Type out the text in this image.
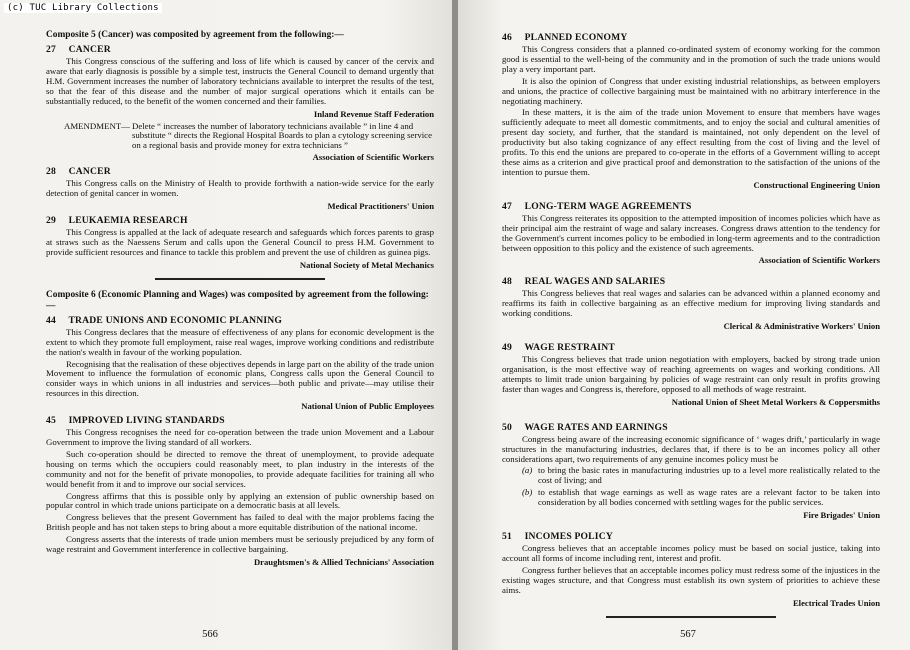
Composite 5 (Cancer) was composited by agreement from the following:—
27 CANCER
This Congress conscious of the suffering and loss of life which is caused by cancer of the cervix and aware that early diagnosis is possible by a simple test, instructs the General Council to demand urgently that H.M. Government increases the number of laboratory technicians available to interpret the results of the test, so that the fear of this disease and the number of major surgical operations which it entails can be substantially reduced, to the benefit of the women concerned and their families.
Inland Revenue Staff Federation
AMENDMENT— Delete “ increases the number of laboratory technicians available ” in line 4 and substitute “ directs the Regional Hospital Boards to plan a cytology screening service on a regional basis and provide money for extra technicians ”
Association of Scientific Workers
28 CANCER
This Congress calls on the Ministry of Health to provide forthwith a nation-wide service for the early detection of genital cancer in women.
Medical Practitioners' Union
29 LEUKAEMIA RESEARCH
This Congress is appalled at the lack of adequate research and safeguards which forces parents to grasp at straws such as the Naessens Serum and calls upon the General Council to press H.M. Government to provide sufficient resources and finance to tackle this problem and prevent the use of children as guinea pigs.
National Society of Metal Mechanics
Composite 6 (Economic Planning and Wages) was composited by agreement from the following:—
44 TRADE UNIONS AND ECONOMIC PLANNING
This Congress declares that the measure of effectiveness of any plans for economic development is the extent to which they promote full employment, raise real wages, improve working conditions and redistribute the nation's wealth in favour of the working population.
Recognising that the realisation of these objectives depends in large part on the ability of the trade union Movement to influence the formulation of economic plans, Congress calls upon the General Council to consider ways in which unions in all industries and services—both public and private—may utilise their resources in this direction.
National Union of Public Employees
45 IMPROVED LIVING STANDARDS
This Congress recognises the need for co-operation between the trade union Movement and a Labour Government to improve the living standard of all workers.
Such co-operation should be directed to remove the threat of unemployment, to provide adequate housing on terms which the occupiers could reasonably meet, to plan industry in the interests of the community and not for the benefit of private monopolies, to provide adequate facilities for training all who would benefit from it and to improve our social services.
Congress affirms that this is possible only by applying an extension of public ownership based on popular control in which trade unions participate on a democratic basis at all levels.
Congress believes that the present Government has failed to deal with the major problems facing the British people and has not taken steps to bring about a more equitable distribution of the national income.
Congress asserts that the interests of trade union members must be seriously prejudiced by any form of wage restraint and Government interference in collective bargaining.
Draughtsmen's & Allied Technicians' Association
566
46 PLANNED ECONOMY
This Congress considers that a planned co-ordinated system of economy working for the common good is essential to the well-being of the community and in the promotion of such the trade unions would play a very important part.
It is also the opinion of Congress that under existing industrial relationships, as between employers and unions, the practice of collective bargaining must be maintained with no arbitrary interference in the negotiating machinery.
In these matters, it is the aim of the trade union Movement to ensure that members have wages sufficiently adequate to meet all domestic commitments, and to enjoy the social and cultural amenities of present day society, and further, that the standard is maintained, not only dependent on the level of productivity but also taking cognizance of any effect resulting from the cost of living and the level of profits. To this end the unions are prepared to co-operate in the efforts of a Government willing to accept these aims as a criterion and give practical proof and demonstration to the satisfaction of the unions of the intention to pursue them.
Constructional Engineering Union
47 LONG-TERM WAGE AGREEMENTS
This Congress reiterates its opposition to the attempted imposition of incomes policies which have as their principal aim the restraint of wage and salary increases. Congress draws attention to the tendency for the Government's current incomes policy to be embodied in long-term agreements and to the contradiction between opposition to this policy and the existence of such agreements.
Association of Scientific Workers
48 REAL WAGES AND SALARIES
This Congress believes that real wages and salaries can be advanced within a planned economy and reaffirms its faith in collective bargaining as an effective medium for improving living standards and working conditions.
Clerical & Administrative Workers' Union
49 WAGE RESTRAINT
This Congress believes that trade union negotiation with employers, backed by strong trade union organisation, is the most effective way of reaching agreements on wages and working conditions. All attempts to limit trade union bargaining by policies of wage restraint can only result in profits growing faster than wages and Congress is, therefore, opposed to all methods of wage restraint.
National Union of Sheet Metal Workers & Coppersmiths
50 WAGE RATES AND EARNINGS
Congress being aware of the increasing economic significance of ‘ wages drift,’ particularly in wage structures in the manufacturing industries, declares that, if there is to be an incomes policy all other considerations apart, two requirements of any genuine incomes policy must be
(a) to bring the basic rates in manufacturing industries up to a level more realistically related to the cost of living; and
(b) to establish that wage earnings as well as wage rates are a relevant factor to be taken into consideration by all bodies concerned with settling wages for the public services.
Fire Brigades' Union
51 INCOMES POLICY
Congress believes that an acceptable incomes policy must be based on social justice, taking into account all forms of income including rent, interest and profit.
Congress further believes that an acceptable incomes policy must redress some of the injustices in the existing wages structure, and that Congress must establish its own system of priorities to achieve these aims.
Electrical Trades Union
567
(c) TUC Library Collections
